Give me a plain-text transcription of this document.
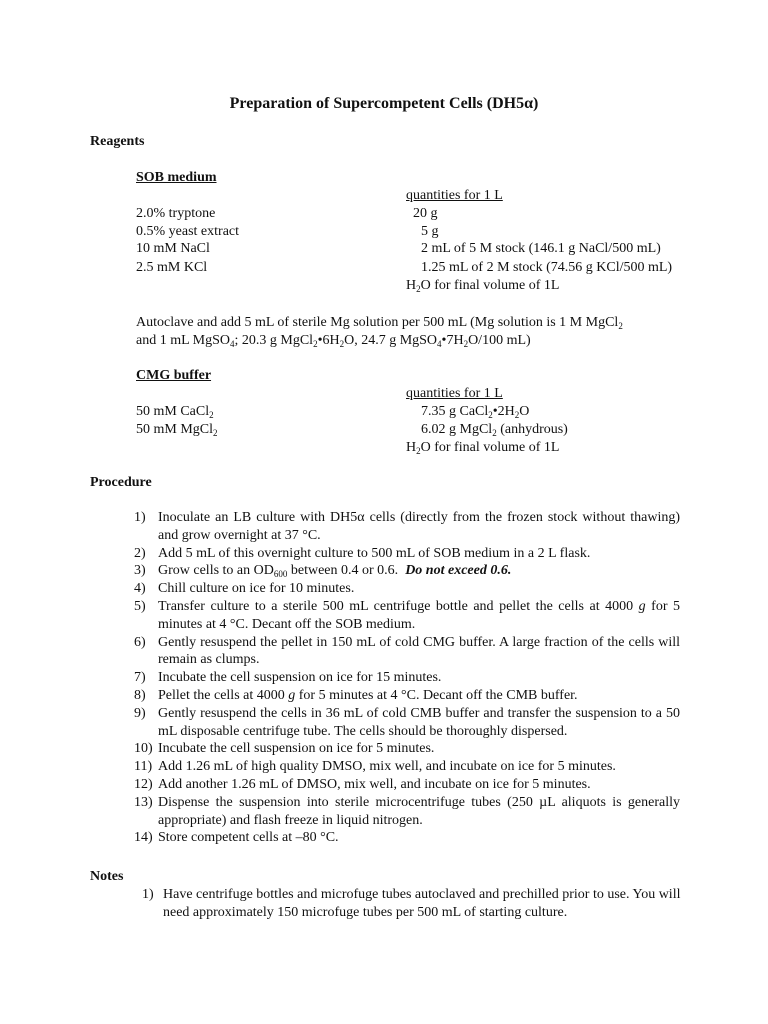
Preparation of Supercompetent Cells (DH5α)
Reagents
SOB medium
quantities for 1 L
2.0% tryptone	20 g
0.5% yeast extract	5 g
10 mM NaCl	2 mL of 5 M stock (146.1 g NaCl/500 mL)
2.5 mM KCl	1.25 mL of 2 M stock (74.56 g KCl/500 mL)
$H_2O$ for final volume of 1L
Autoclave and add 5 mL of sterile Mg solution per 500 mL (Mg solution is 1 M MgCl$_2$
and 1 mL MgSO$_4$; 20.3 g $MgCl_2•6H_2O$, 24.7 g $MgSO_4•7H_2O/100$ mL)
CMG buffer
quantities for 1 L
50 mM CaCl$_2$	7.35 g $CaCl_2•2H_2O$
50 mM MgCl$_2$	6.02 g MgCl$_2$ (anhydrous)
$H_2O$ for final volume of 1L
Procedure
1) Inoculate an LB culture with DH5α cells (directly from the frozen stock without thawing) and grow overnight at 37 °C.
2) Add 5 mL of this overnight culture to 500 mL of SOB medium in a 2 L flask.
3) Grow cells to an $OD_{600}$ between 0.4 or 0.6.  Do not exceed 0.6.
4) Chill culture on ice for 10 minutes.
5) Transfer culture to a sterile 500 mL centrifuge bottle and pellet the cells at 4000 g for 5 minutes at 4 °C. Decant off the SOB medium.
6) Gently resuspend the pellet in 150 mL of cold CMG buffer. A large fraction of the cells will remain as clumps.
7) Incubate the cell suspension on ice for 15 minutes.
8) Pellet the cells at 4000 g for 5 minutes at 4 °C. Decant off the CMB buffer.
9) Gently resuspend the cells in 36 mL of cold CMB buffer and transfer the suspension to a 50 mL disposable centrifuge tube. The cells should be thoroughly dispersed.
10) Incubate the cell suspension on ice for 5 minutes.
11) Add 1.26 mL of high quality DMSO, mix well, and incubate on ice for 5 minutes.
12) Add another 1.26 mL of DMSO, mix well, and incubate on ice for 5 minutes.
13) Dispense the suspension into sterile microcentrifuge tubes (250 µL aliquots is generally appropriate) and flash freeze in liquid nitrogen.
14) Store competent cells at –80 °C.
Notes
1) Have centrifuge bottles and microfuge tubes autoclaved and prechilled prior to use. You will need approximately 150 microfuge tubes per 500 mL of starting culture.
